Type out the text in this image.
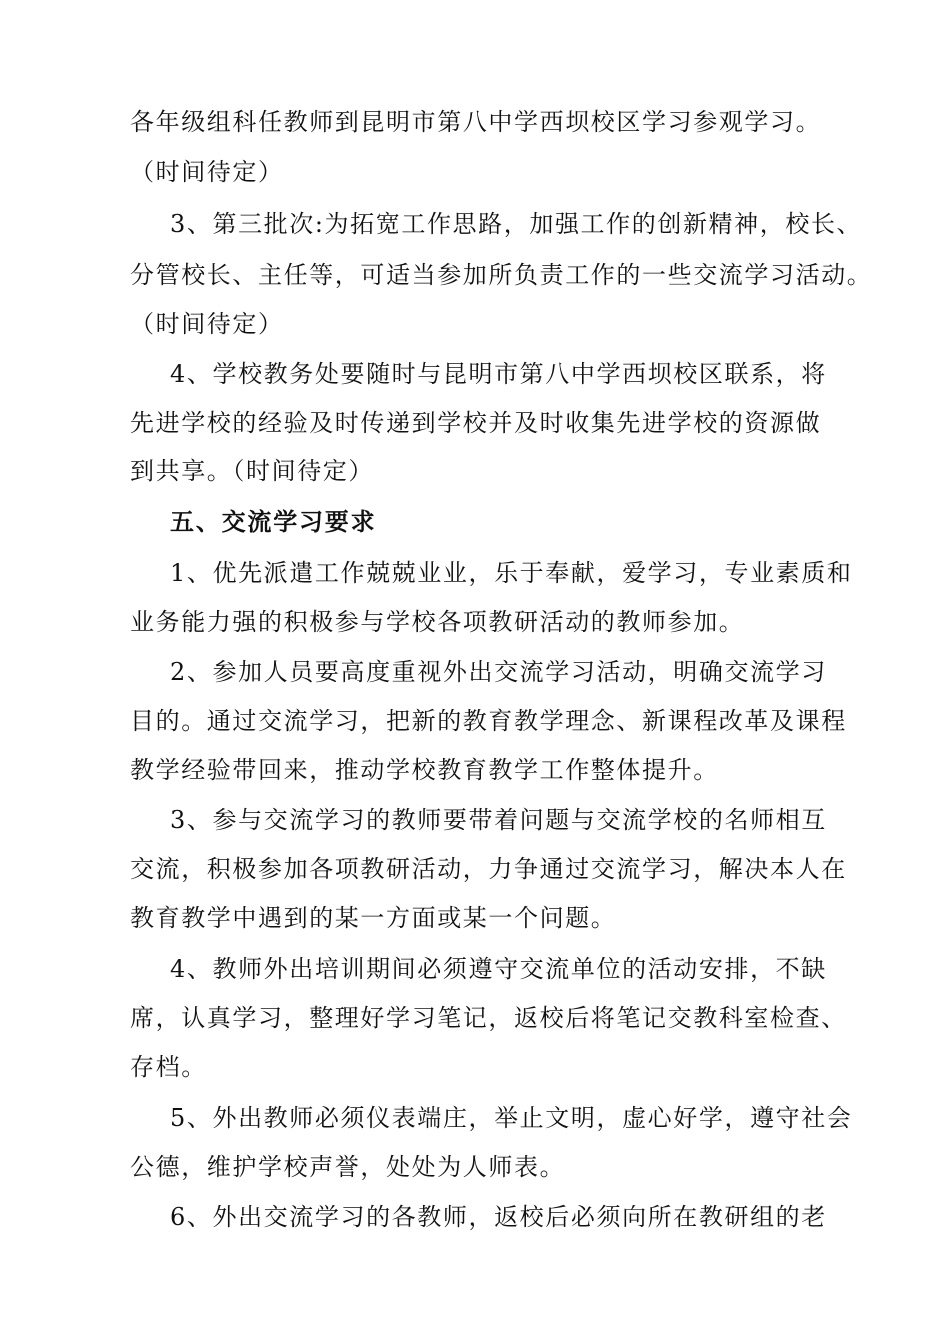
各年级组科任教师到昆明市第八中学西坝校区学习参观学习。
（时间待定）
3、第三批次:为拓宽工作思路，加强工作的创新精神，校长、
分管校长、主任等，可适当参加所负责工作的一些交流学习活动。
（时间待定）
4、学校教务处要随时与昆明市第八中学西坝校区联系，将
先进学校的经验及时传递到学校并及时收集先进学校的资源做
到共享。（时间待定）
五、交流学习要求
1、优先派遣工作兢兢业业，乐于奉献，爱学习，专业素质和
业务能力强的积极参与学校各项教研活动的教师参加。
2、参加人员要高度重视外出交流学习活动，明确交流学习
目的。通过交流学习，把新的教育教学理念、新课程改革及课程
教学经验带回来，推动学校教育教学工作整体提升。
3、参与交流学习的教师要带着问题与交流学校的名师相互
交流，积极参加各项教研活动，力争通过交流学习，解决本人在
教育教学中遇到的某一方面或某一个问题。
4、教师外出培训期间必须遵守交流单位的活动安排，不缺
席，认真学习，整理好学习笔记，返校后将笔记交教科室检查、
存档。
5、外出教师必须仪表端庄，举止文明，虚心好学，遵守社会
公德，维护学校声誉，处处为人师表。
6、外出交流学习的各教师，返校后必须向所在教研组的老
